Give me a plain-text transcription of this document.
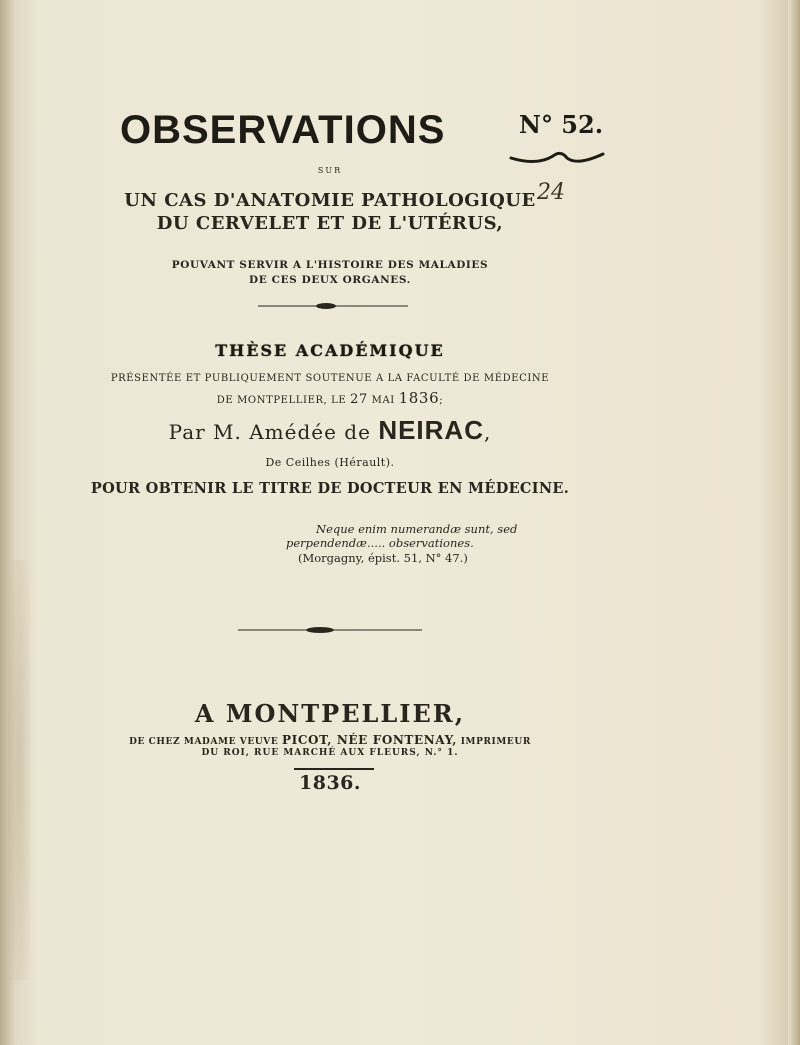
OBSERVATIONS	N° 52.
24
SUR
UN CAS D'ANATOMIE PATHOLOGIQUE
DU CERVELET ET DE L'UTÉRUS,
POUVANT SERVIR A L'HISTOIRE DES MALADIES
DE CES DEUX ORGANES.
THÈSE ACADÉMIQUE
PRÉSENTÉE ET PUBLIQUEMENT SOUTENUE A LA FACULTÉ DE MÉDECINE
DE MONTPELLIER, LE 27 MAI 1836;
Par M. Amédée de NEIRAC,
De Ceilhes (Hérault).
POUR OBTENIR LE TITRE DE DOCTEUR EN MÉDECINE.
Neque enim numerandæ sunt, sed
perpendendæ..... observationes.
(Morgagny, épist. 51, N° 47.)
A MONTPELLIER,
DE CHEZ MADAME VEUVE PICOT, NÉE FONTENAY, IMPRIMEUR
DU ROI, RUE MARCHÉ AUX FLEURS, N.° 1.
1836.
